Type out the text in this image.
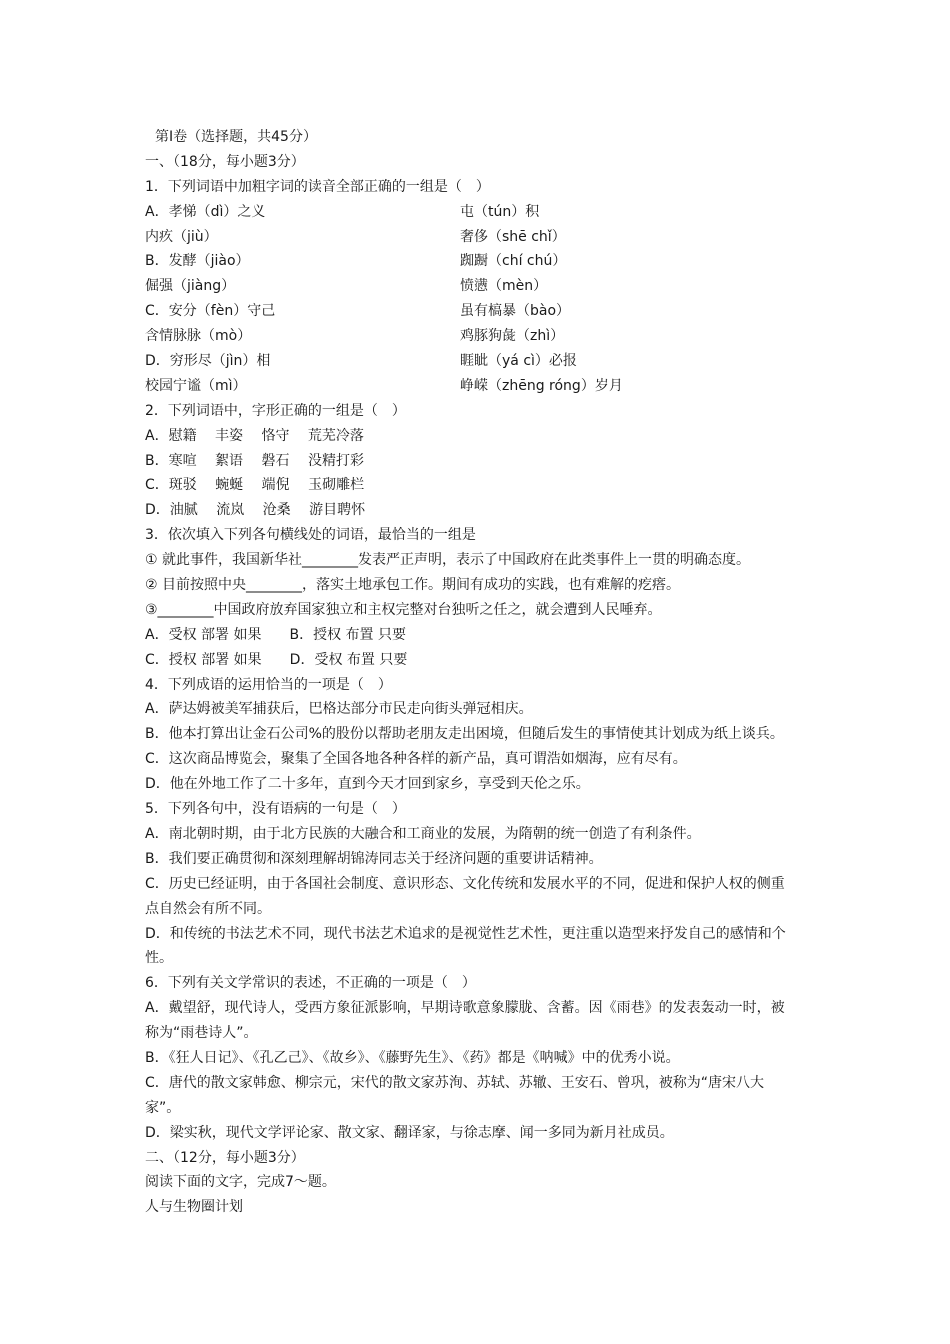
第Ⅰ卷（选择题，共45分）
一、（18分，每小题3分）
1．下列词语中加粗字词的读音全部正确的一组是（　）
A．孝悌（dì）之义	屯（tún）积
内疚（jiù）	奢侈（shē chǐ）
B．发酵（jiào）	踟蹰（chí chú）
倔强（jiàng）	愤懑（mèn）
C．安分（fèn）守己	虽有槁暴（bào）
含情脉脉（mò）	鸡豚狗彘（zhì）
D．穷形尽（jìn）相	睚眦（yá cì）必报
校园宁谧（mì）	峥嵘（zhēng róng）岁月
2．下列词语中，字形正确的一组是（　）
A．慰籍　 丰姿　 恪守　 荒芜冷落
B．寒喧　 絮语　 磐石　 没精打彩
C．斑驳　 蜿蜒　 端倪　 玉砌雕栏
D．油腻　 流岚　 沧桑　 游目聘怀
3．依次填入下列各句横线处的词语，最恰当的一组是
① 就此事件，我国新华社________发表严正声明，表示了中国政府在此类事件上一贯的明确态度。
② 目前按照中央________，落实土地承包工作。期间有成功的实践，也有难解的疙瘩。
③________中国政府放弃国家独立和主权完整对台独听之任之，就会遭到人民唾弃。
A．受权 部署 如果　　B．授权 布置 只要
C．授权 部署 如果　　D．受权 布置 只要
4．下列成语的运用恰当的一项是（　）
A．萨达姆被美军捕获后，巴格达部分市民走向街头弹冠相庆。
B．他本打算出让金石公司%的股份以帮助老朋友走出困境，但随后发生的事情使其计划成为纸上谈兵。
C．这次商品博览会，聚集了全国各地各种各样的新产品，真可谓浩如烟海，应有尽有。
D．他在外地工作了二十多年，直到今天才回到家乡，享受到天伦之乐。
5．下列各句中，没有语病的一句是（　）
A．南北朝时期，由于北方民族的大融合和工商业的发展，为隋朝的统一创造了有利条件。
B．我们要正确贯彻和深刻理解胡锦涛同志关于经济问题的重要讲话精神。
C．历史已经证明，由于各国社会制度、意识形态、文化传统和发展水平的不同，促进和保护人权的侧重
点自然会有所不同。
D．和传统的书法艺术不同，现代书法艺术追求的是视觉性艺术性，更注重以造型来抒发自己的感情和个
性。
6．下列有关文学常识的表述，不正确的一项是（　）
A．戴望舒，现代诗人，受西方象征派影响，早期诗歌意象朦胧、含蓄。因《雨巷》的发表轰动一时，被
称为“雨巷诗人”。
B．《狂人日记》、《孔乙己》、《故乡》、《藤野先生》、《药》都是《呐喊》中的优秀小说。
C．唐代的散文家韩愈、柳宗元，宋代的散文家苏洵、苏轼、苏辙、王安石、曾巩，被称为“唐宋八大
家”。
D．梁实秋，现代文学评论家、散文家、翻译家，与徐志摩、闻一多同为新月社成员。
二、（12分，每小题3分）
阅读下面的文字，完成7～题。
人与生物圈计划
